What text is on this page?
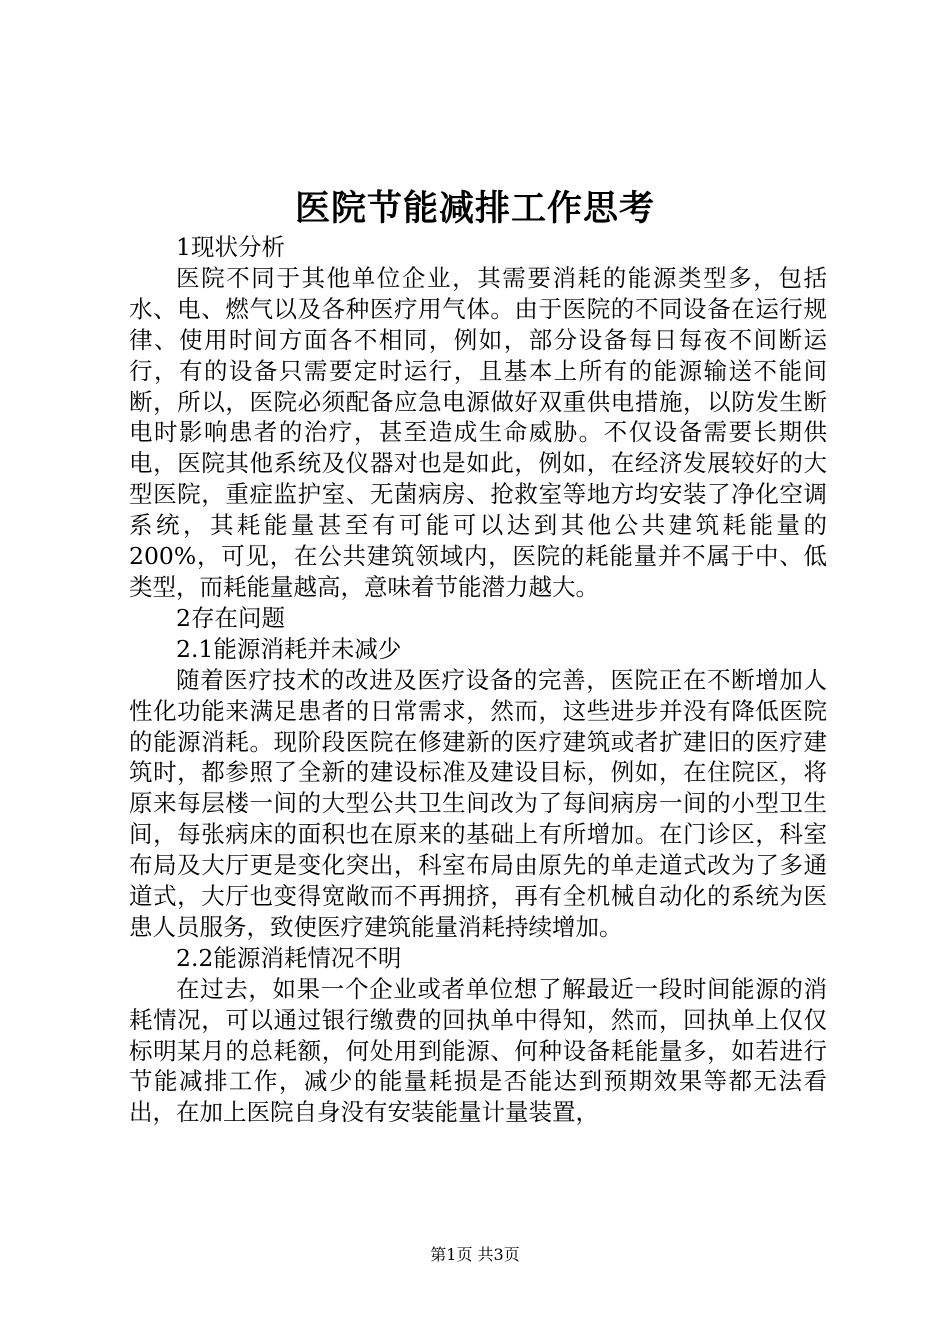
医院节能减排工作思考

1现状分析

医院不同于其他单位企业，其需要消耗的能源类型多，包括水、电、燃气以及各种医疗用气体。由于医院的不同设备在运行规律、使用时间方面各不相同，例如，部分设备每日每夜不间断运行，有的设备只需要定时运行，且基本上所有的能源输送不能间断，所以，医院必须配备应急电源做好双重供电措施，以防发生断电时影响患者的治疗，甚至造成生命威胁。不仅设备需要长期供电，医院其他系统及仪器对也是如此，例如，在经济发展较好的大型医院，重症监护室、无菌病房、抢救室等地方均安装了净化空调系统，其耗能量甚至有可能可以达到其他公共建筑耗能量的200%，可见，在公共建筑领域内，医院的耗能量并不属于中、低类型，而耗能量越高，意味着节能潜力越大。

2存在问题

2.1能源消耗并未减少

随着医疗技术的改进及医疗设备的完善，医院正在不断增加人性化功能来满足患者的日常需求，然而，这些进步并没有降低医院的能源消耗。现阶段医院在修建新的医疗建筑或者扩建旧的医疗建筑时，都参照了全新的建设标准及建设目标，例如，在住院区，将原来每层楼一间的大型公共卫生间改为了每间病房一间的小型卫生间，每张病床的面积也在原来的基础上有所增加。在门诊区，科室布局及大厅更是变化突出，科室布局由原先的单走道式改为了多通道式，大厅也变得宽敞而不再拥挤，再有全机械自动化的系统为医患人员服务，致使医疗建筑能量消耗持续增加。

2.2能源消耗情况不明

在过去，如果一个企业或者单位想了解最近一段时间能源的消耗情况，可以通过银行缴费的回执单中得知，然而，回执单上仅仅标明某月的总耗额，何处用到能源、何种设备耗能量多，如若进行节能减排工作，减少的能量耗损是否能达到预期效果等都无法看出，在加上医院自身没有安装能量计量装置，

第1页 共3页
